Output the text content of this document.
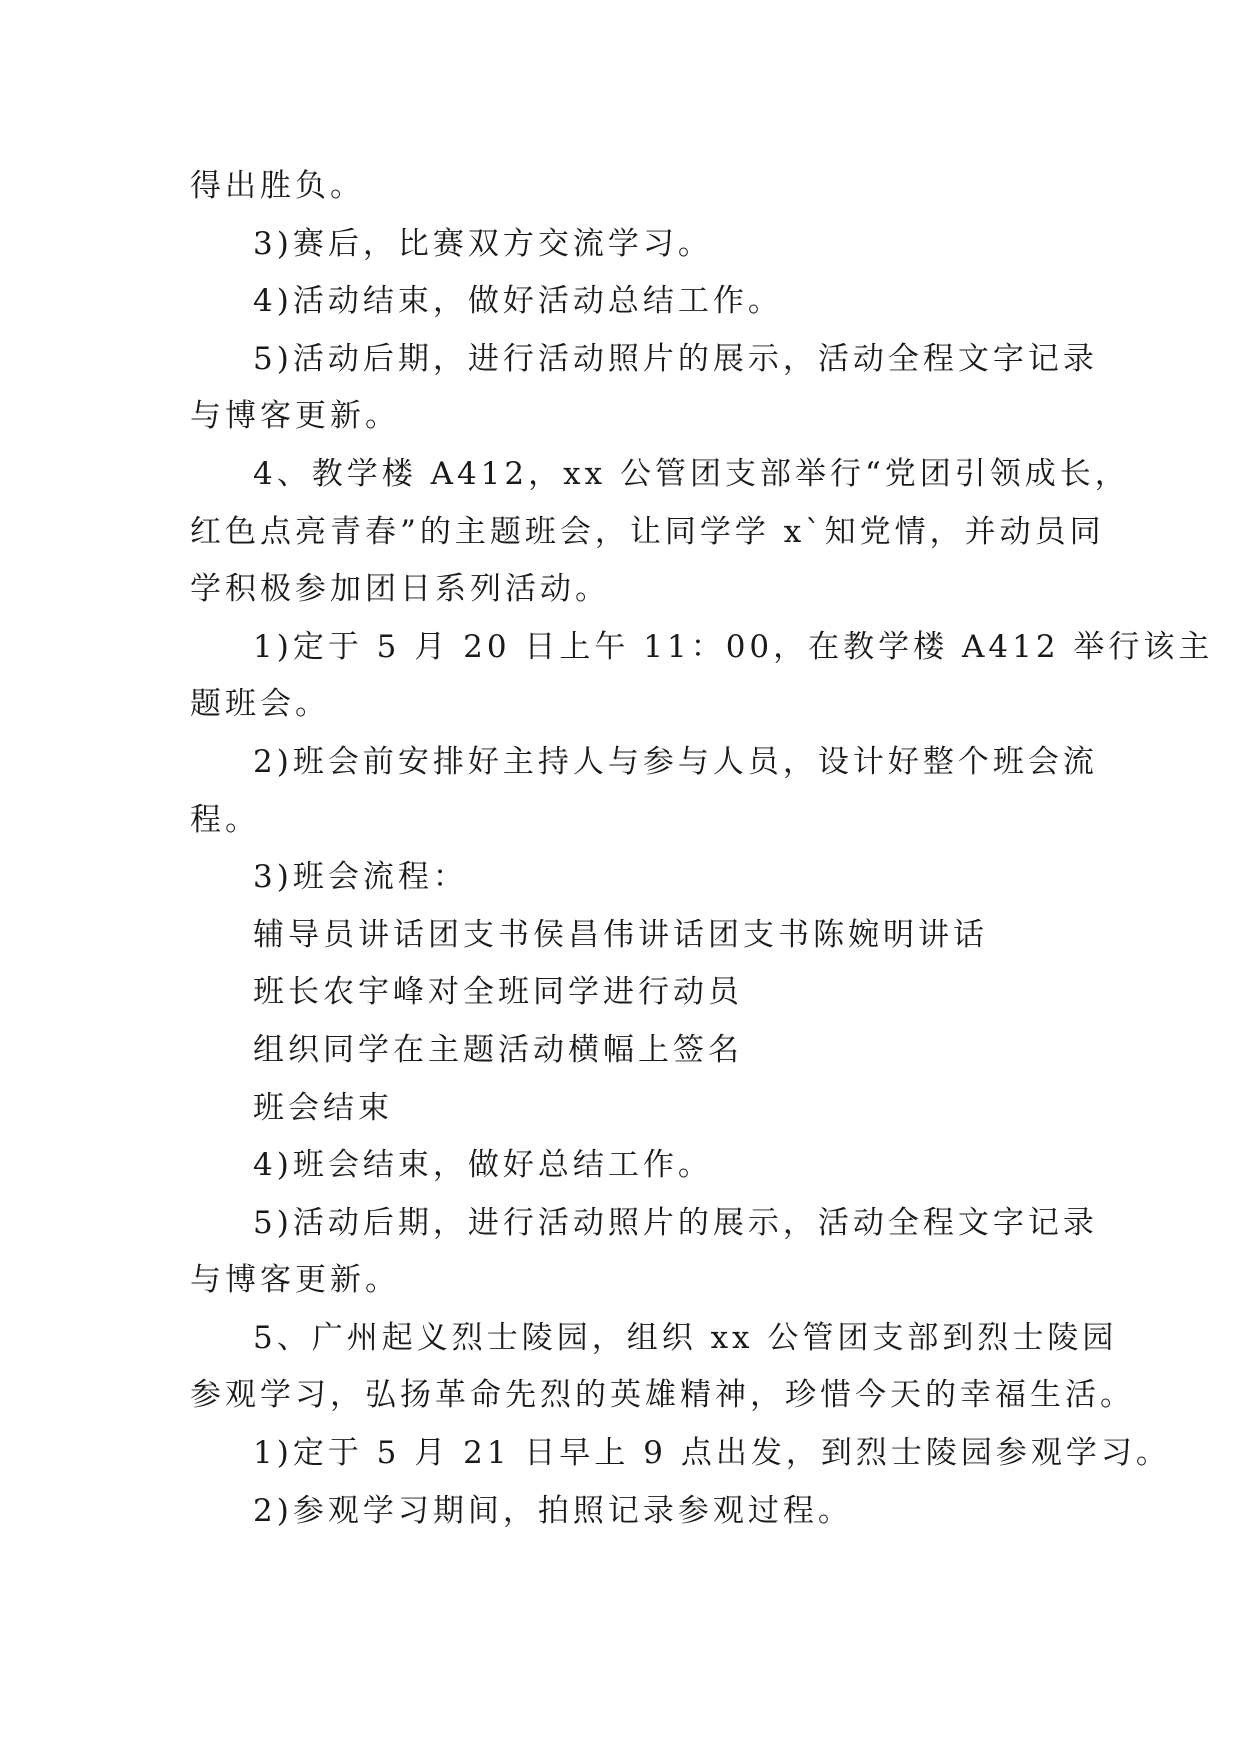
得出胜负。

3)赛后，比赛双方交流学习。

4)活动结束，做好活动总结工作。

5)活动后期，进行活动照片的展示，活动全程文字记录

与博客更新。

4、教学楼 A412，xx 公管团支部举行“党团引领成长，

红色点亮青春”的主题班会，让同学学 x`知党情，并动员同

学积极参加团日系列活动。

1)定于 5 月 20 日上午 11：00，在教学楼 A412 举行该主

题班会。

2)班会前安排好主持人与参与人员，设计好整个班会流

程。

3)班会流程：

辅导员讲话团支书侯昌伟讲话团支书陈婉明讲话

班长农宇峰对全班同学进行动员

组织同学在主题活动横幅上签名

班会结束

4)班会结束，做好总结工作。

5)活动后期，进行活动照片的展示，活动全程文字记录

与博客更新。

5、广州起义烈士陵园，组织 xx 公管团支部到烈士陵园

参观学习，弘扬革命先烈的英雄精神，珍惜今天的幸福生活。

1)定于 5 月 21 日早上 9 点出发，到烈士陵园参观学习。

2)参观学习期间，拍照记录参观过程。
